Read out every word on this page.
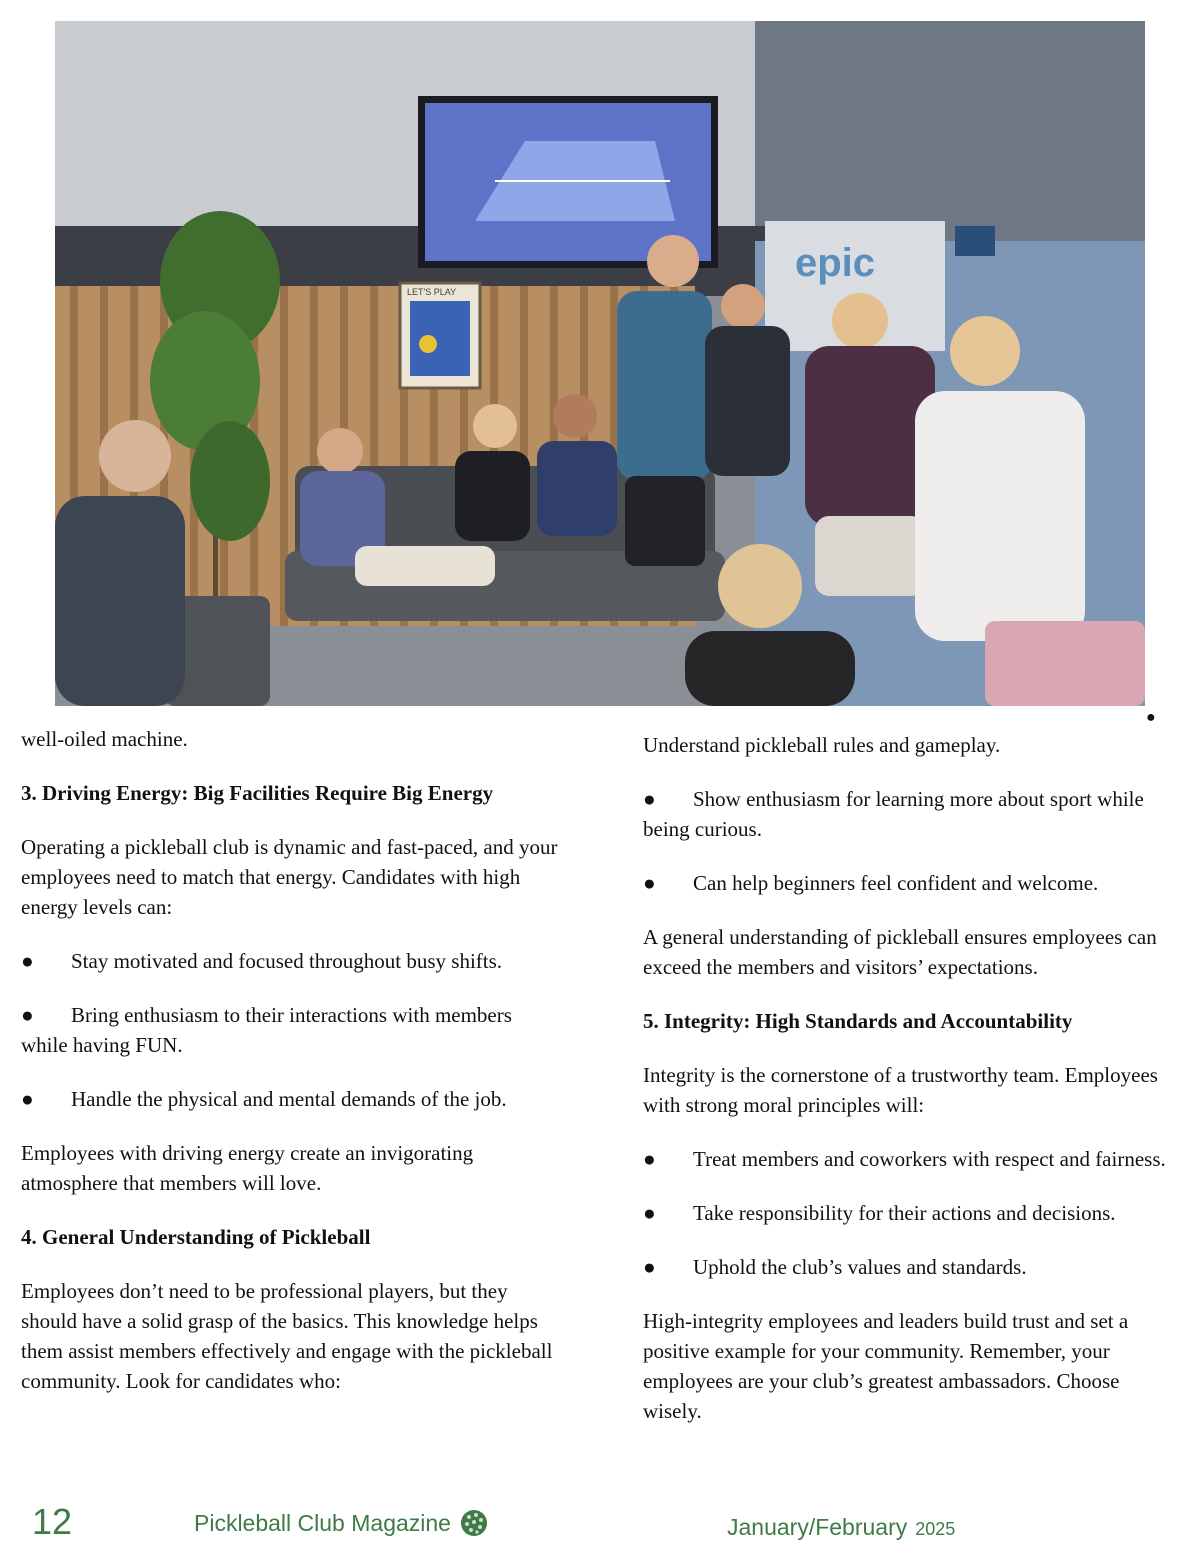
epic
LET'S PLAY
●

well-oiled machine.

3. Driving Energy: Big Facilities Require Big Energy

Operating a pickleball club is dynamic and fast-paced, and your employees need to match that energy. Candidates with high energy levels can:

● Stay motivated and focused throughout busy shifts.

● Bring enthusiasm to their interactions with members while having FUN.

● Handle the physical and mental demands of the job.

Employees with driving energy create an invigorating atmosphere that members will love.

4. General Understanding of Pickleball

Employees don’t need to be professional players, but they should have a solid grasp of the basics. This knowledge helps them assist members effectively and engage with the pickleball community. Look for candidates who:

Understand pickleball rules and gameplay.

● Show enthusiasm for learning more about sport while being curious.

● Can help beginners feel confident and welcome.

A general understanding of pickleball ensures employees can exceed the members and visitors’ expectations.

5. Integrity: High Standards and Accountability

Integrity is the cornerstone of a trustworthy team. Employees with strong moral principles will:

● Treat members and coworkers with respect and fairness.

● Take responsibility for their actions and decisions.

● Uphold the club’s values and standards.

High-integrity employees and leaders build trust and set a positive example for your community. Remember, your employees are your club’s greatest ambassadors. Choose wisely.

12	Pickleball Club Magazine	January/February 2025
